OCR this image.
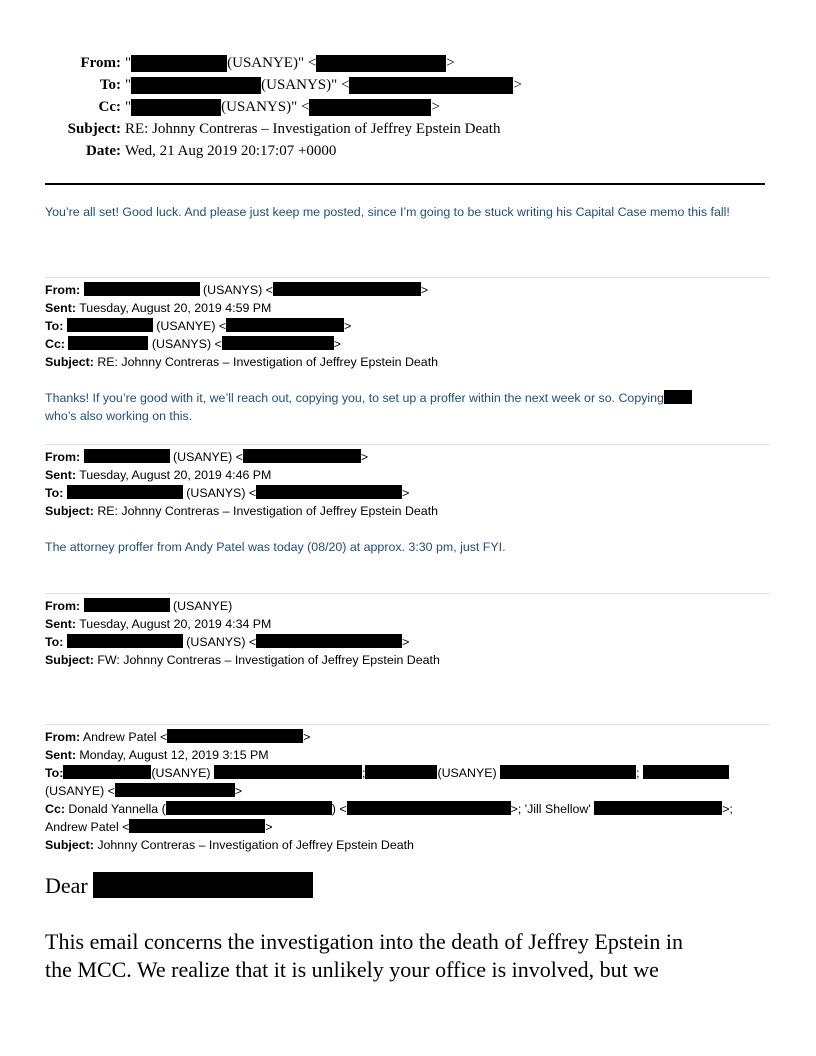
From: "	(USANYE)" <	>
To: "	(USANYS)" <	>
Cc: "	(USANYS)" <	>
Subject: RE: Johnny Contreras – Investigation of Jeffrey Epstein Death
Date: Wed, 21 Aug 2019 20:17:07 +0000
You’re all set! Good luck. And please just keep me posted, since I’m going to be stuck writing his Capital Case memo this fall!
From:	(USANYS) <	>
Sent: Tuesday, August 20, 2019 4:59 PM
To:	(USANYE) <	>
Cc:	(USANYS) <	>
Subject: RE: Johnny Contreras – Investigation of Jeffrey Epstein Death
Thanks! If you’re good with it, we’ll reach out, copying you, to set up a proffer within the next week or so. Copying
who’s also working on this.
From:	(USANYE) <	>
Sent: Tuesday, August 20, 2019 4:46 PM
To:	(USANYS) <	>
Subject: RE: Johnny Contreras – Investigation of Jeffrey Epstein Death
The attorney proffer from Andy Patel was today (08/20) at approx. 3:30 pm, just FYI.
From:	(USANYE)
Sent: Tuesday, August 20, 2019 4:34 PM
To:	(USANYS) <	>
Subject: FW: Johnny Contreras – Investigation of Jeffrey Epstein Death
From: Andrew Patel <	>
Sent: Monday, August 12, 2019 3:15 PM
To:	(USANYE)	;	(USANYE)	;
(USANYE) <	>
Cc: Donald Yannella (	) <	>; 'Jill Shellow'	>;
Andrew Patel <	>
Subject: Johnny Contreras – Investigation of Jeffrey Epstein Death
Dear
This email concerns the investigation into the death of Jeffrey Epstein in
the MCC. We realize that it is unlikely your office is involved, but we
